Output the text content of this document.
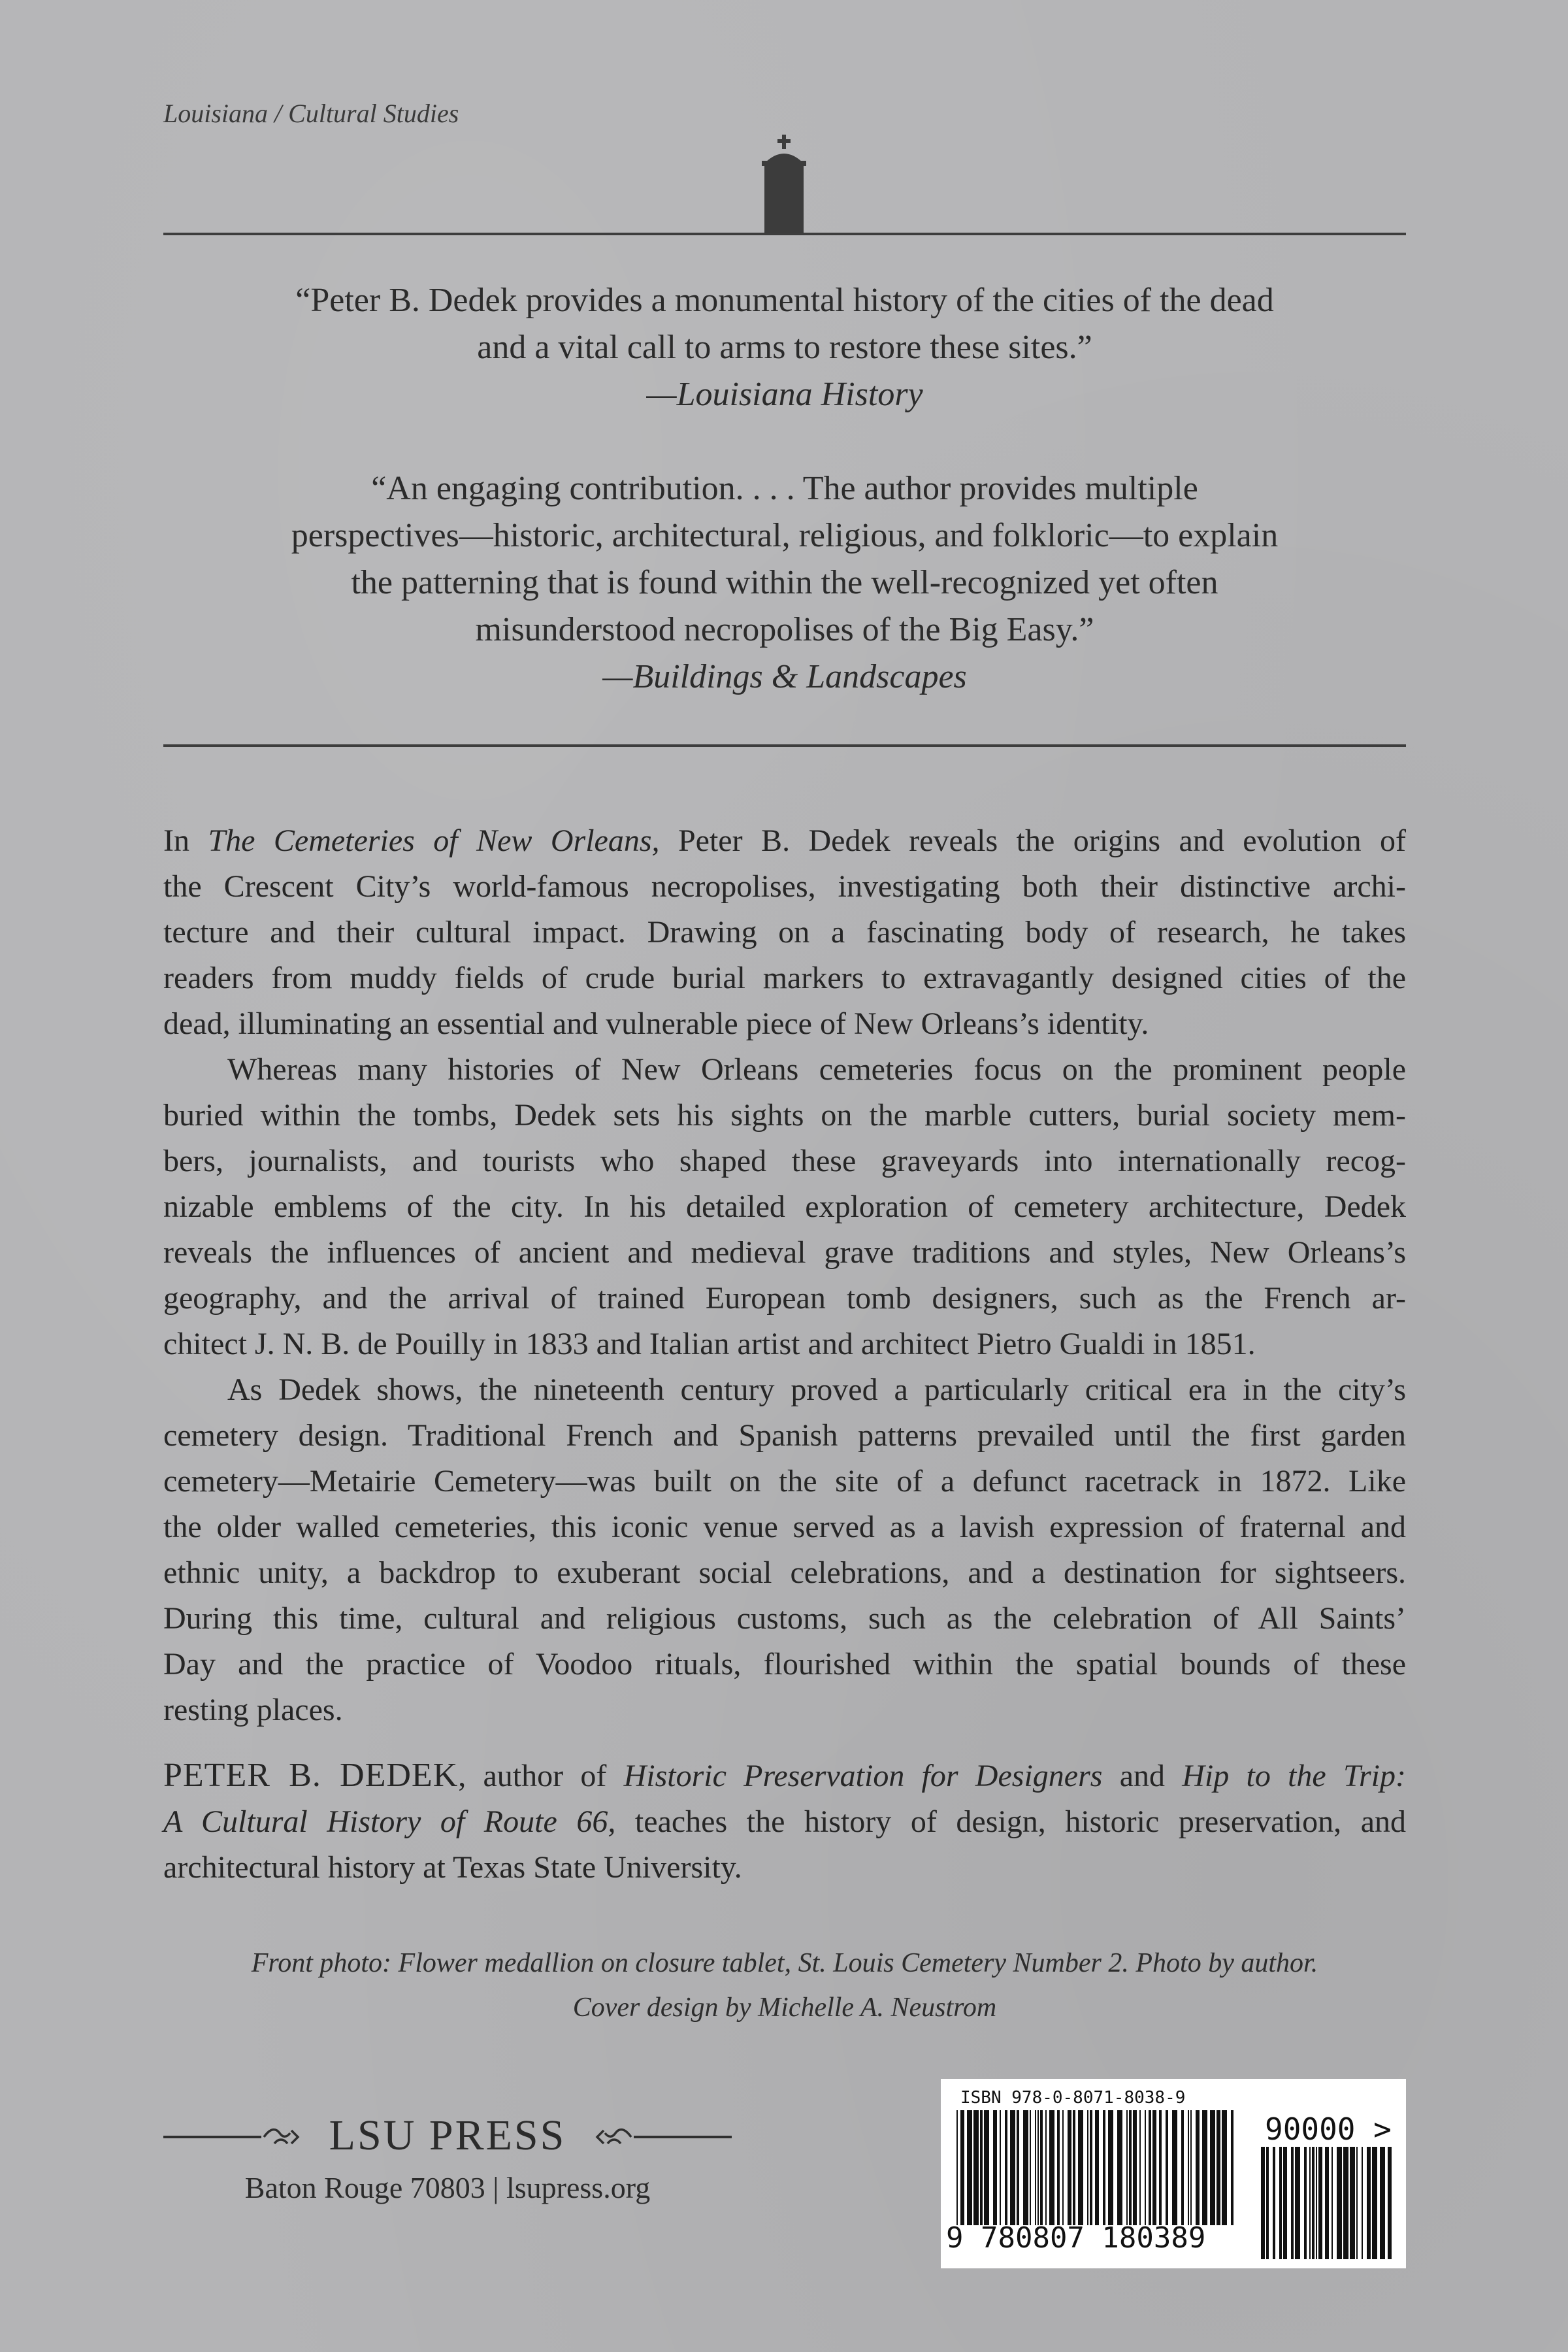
Louisiana / Cultural Studies
“Peter B. Dedek provides a monumental history of the cities of the dead
and a vital call to arms to restore these sites.”
—Louisiana History
“An engaging contribution. . . . The author provides multiple
perspectives—historic, architectural, religious, and folkloric—to explain
the patterning that is found within the well-recognized yet often
misunderstood necropolises of the Big Easy.”
—Buildings & Landscapes
In The Cemeteries of New Orleans, Peter B. Dedek reveals the origins and evolution of
the Crescent City’s world-famous necropolises, investigating both their distinctive archi-
tecture and their cultural impact. Drawing on a fascinating body of research, he takes
readers from muddy fields of crude burial markers to extravagantly designed cities of the
dead, illuminating an essential and vulnerable piece of New Orleans’s identity.
Whereas many histories of New Orleans cemeteries focus on the prominent people
buried within the tombs, Dedek sets his sights on the marble cutters, burial society mem-
bers, journalists, and tourists who shaped these graveyards into internationally recog-
nizable emblems of the city. In his detailed exploration of cemetery architecture, Dedek
reveals the influences of ancient and medieval grave traditions and styles, New Orleans’s
geography, and the arrival of trained European tomb designers, such as the French ar-
chitect J. N. B. de Pouilly in 1833 and Italian artist and architect Pietro Gualdi in 1851.
As Dedek shows, the nineteenth century proved a particularly critical era in the city’s
cemetery design. Traditional French and Spanish patterns prevailed until the first garden
cemetery—Metairie Cemetery—was built on the site of a defunct racetrack in 1872. Like
the older walled cemeteries, this iconic venue served as a lavish expression of fraternal and
ethnic unity, a backdrop to exuberant social celebrations, and a destination for sightseers.
During this time, cultural and religious customs, such as the celebration of All Saints’
Day and the practice of Voodoo rituals, flourished within the spatial bounds of these
resting places.
PETER B. DEDEK, author of Historic Preservation for Designers and Hip to the Trip:
A Cultural History of Route 66, teaches the history of design, historic preservation, and
architectural history at Texas State University.
Front photo: Flower medallion on closure tablet, St. Louis Cemetery Number 2. Photo by author.
Cover design by Michelle A. Neustrom
LSU PRESS
Baton Rouge 70803 | lsupress.org
ISBN 978-0-8071-8038-9
9 780807 180389
90000 >
